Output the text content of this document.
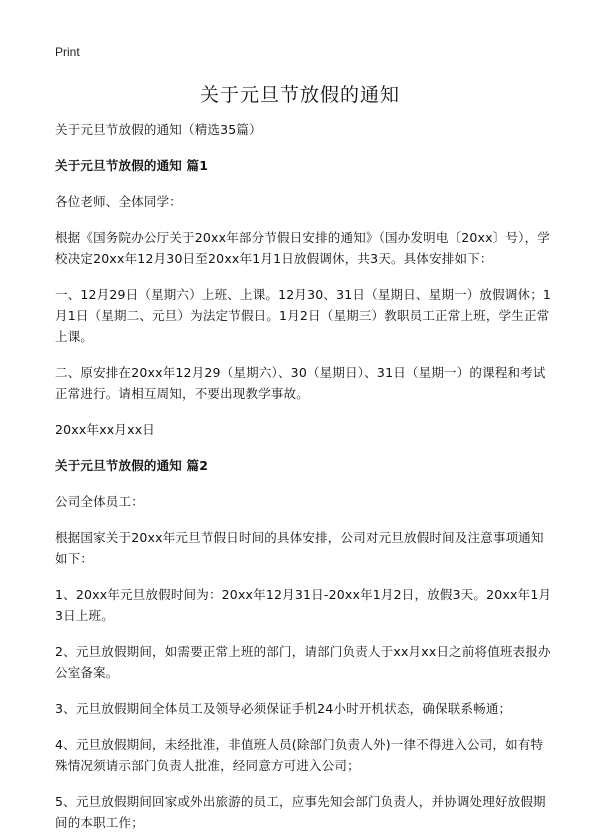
Print
关于元旦节放假的通知

关于元旦节放假的通知（精选35篇）

关于元旦节放假的通知 篇1

各位老师、全体同学：

根据《国务院办公厅关于20xx年部分节假日安排的通知》（国办发明电〔20xx〕号），学校决定20xx年12月30日至20xx年1月1日放假调休，共3天。具体安排如下：

一、12月29日（星期六）上班、上课。12月30、31日（星期日、星期一）放假调休；1月1日（星期二、元旦）为法定节假日。1月2日（星期三）教职员工正常上班，学生正常上课。

二、原安排在20xx年12月29（星期六）、30（星期日）、31日（星期一）的课程和考试正常进行。请相互周知，不要出现教学事故。

20xx年xx月xx日

关于元旦节放假的通知 篇2

公司全体员工：

根据国家关于20xx年元旦节假日时间的具体安排，公司对元旦放假时间及注意事项通知如下：

1、20xx年元旦放假时间为：20xx年12月31日-20xx年1月2日，放假3天。20xx年1月3日上班。

2、元旦放假期间，如需要正常上班的部门，请部门负责人于xx月xx日之前将值班表报办公室备案。

3、元旦放假期间全体员工及领导必须保证手机24小时开机状态，确保联系畅通；

4、元旦放假期间，未经批准，非值班人员(除部门负责人外)一律不得进入公司，如有特殊情况须请示部门负责人批准，经同意方可进入公司；

5、元旦放假期间回家或外出旅游的员工，应事先知会部门负责人，并协调处理好放假期间的本职工作；
